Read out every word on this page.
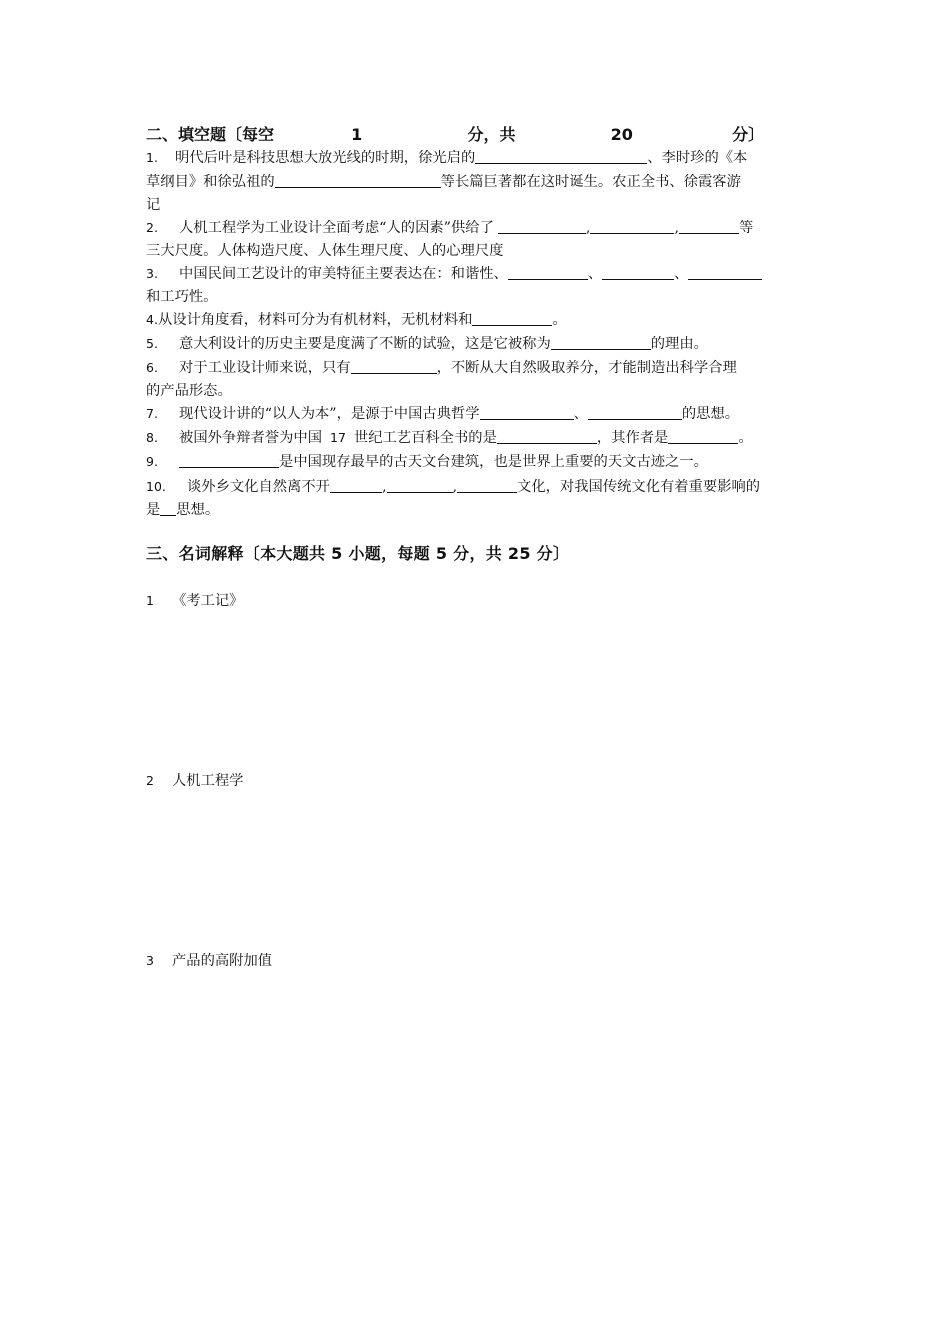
二、填空题〔每空	1	分，共	20	分〕
1. 明代后叶是科技思想大放光线的时期，徐光启的	、李时珍的《本
草纲目》和徐弘祖的	等长篇巨著都在这时诞生。农正全书、徐霞客游
记
2. 人机工程学为工业设计全面考虑“人的因素”供给了	,	,	等
三大尺度。人体构造尺度、人体生理尺度、人的心理尺度
3. 中国民间工艺设计的审美特征主要表达在：和谐性、	、	、
和工巧性。
4.从设计角度看，材料可分为有机材料，无机材料和	。
5. 意大利设计的历史主要是度满了不断的试验，这是它被称为	的理由。
6. 对于工业设计师来说，只有	，不断从大自然吸取养分，才能制造出科学合理
的产品形态。
7. 现代设计讲的“以人为本”，是源于中国古典哲学	、	的思想。
8. 被国外争辩者誉为中国 17 世纪工艺百科全书的是	，其作者是	。
9.	是中国现存最早的古天文台建筑，也是世界上重要的天文古迹之一。
10. 谈外乡文化自然离不开	,	,	文化，对我国传统文化有着重要影响的
是 思想。
三、名词解释〔本大题共 5 小题，每题 5 分，共 25 分〕
1 《考工记》
2 人机工程学
3 产品的高附加值
